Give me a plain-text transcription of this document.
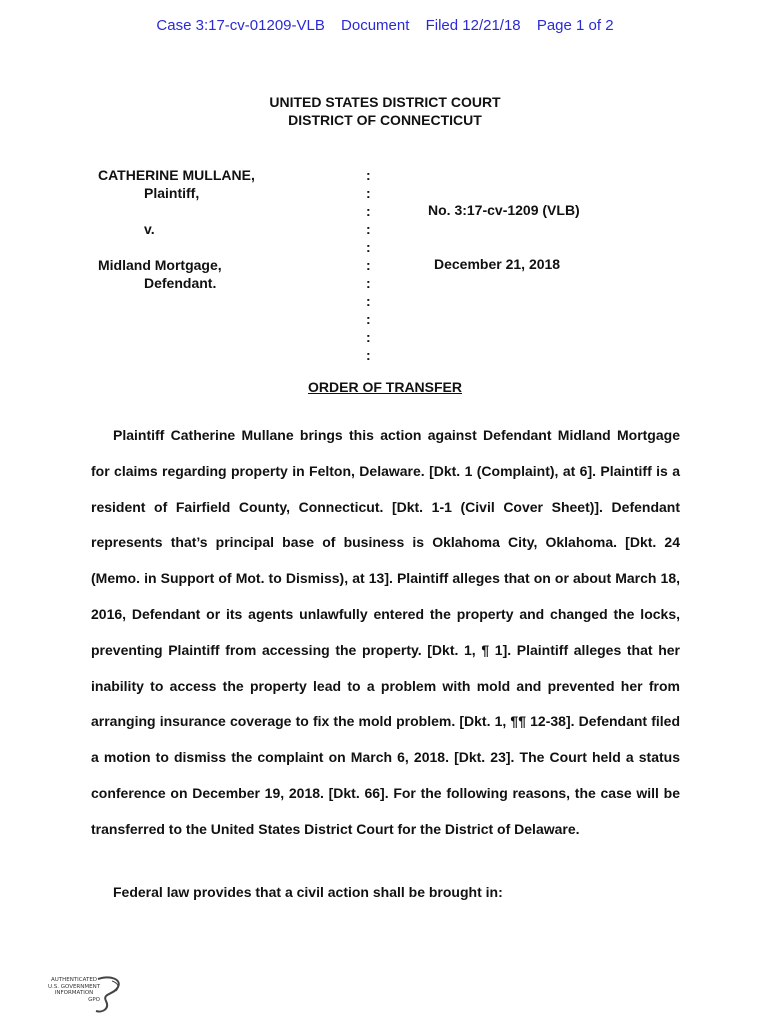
Case 3:17-cv-01209-VLB Document Filed 12/21/18 Page 1 of 2
UNITED STATES DISTRICT COURT
DISTRICT OF CONNECTICUT
CATHERINE MULLANE,
Plaintiff,
v.
Midland Mortgage,
Defendant.
:
:
:
:
:
:
:
:
:
:
:
No. 3:17-cv-1209 (VLB)
December 21, 2018
ORDER OF TRANSFER

Plaintiff Catherine Mullane brings this action against Defendant Midland Mortgage for claims regarding property in Felton, Delaware. [Dkt. 1 (Complaint), at 6]. Plaintiff is a resident of Fairfield County, Connecticut. [Dkt. 1-1 (Civil Cover Sheet)]. Defendant represents that’s principal base of business is Oklahoma City, Oklahoma. [Dkt. 24 (Memo. in Support of Mot. to Dismiss), at 13]. Plaintiff alleges that on or about March 18, 2016, Defendant or its agents unlawfully entered the property and changed the locks, preventing Plaintiff from accessing the property. [Dkt. 1, ¶ 1]. Plaintiff alleges that her inability to access the property lead to a problem with mold and prevented her from arranging insurance coverage to fix the mold problem. [Dkt. 1, ¶¶ 12-38]. Defendant filed a motion to dismiss the complaint on March 6, 2018. [Dkt. 23]. The Court held a status conference on December 19, 2018. [Dkt. 66]. For the following reasons, the case will be transferred to the United States District Court for the District of Delaware.

Federal law provides that a civil action shall be brought in:

AUTHENTICATED
U.S. GOVERNMENT
INFORMATION
GPO
